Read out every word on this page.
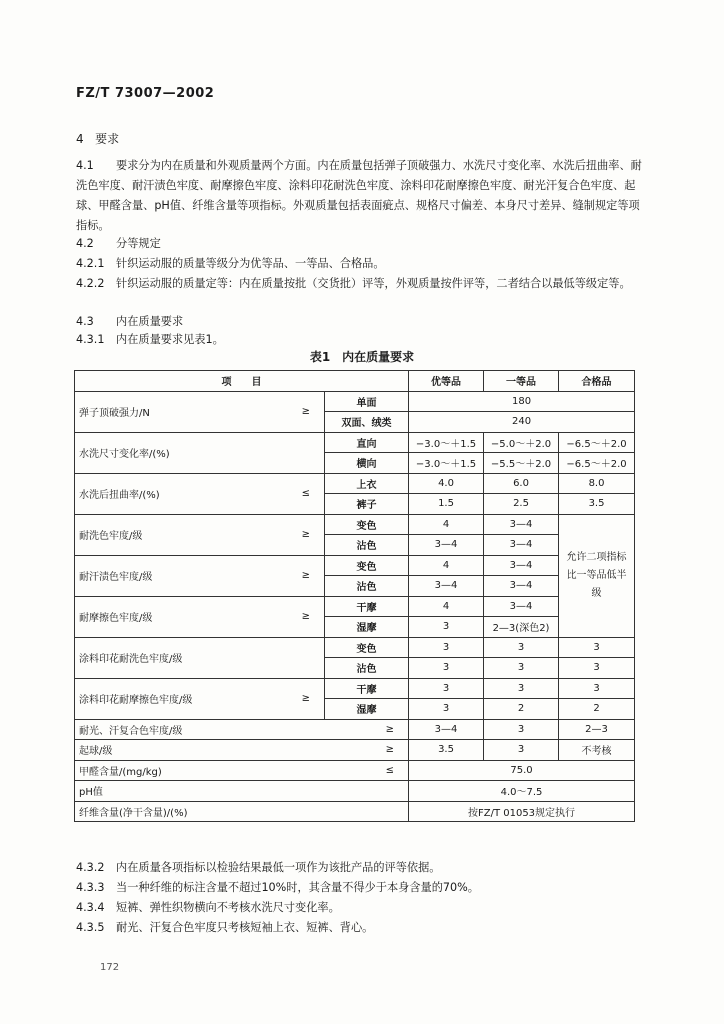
FZ/T 73007—2002
4 要求
4.1 要求分为内在质量和外观质量两个方面。内在质量包括弹子顶破强力、水洗尺寸变化率、水洗后扭曲率、耐洗色牢度、耐汗渍色牢度、耐摩擦色牢度、涂料印花耐洗色牢度、涂料印花耐摩擦色牢度、耐光汗复合色牢度、起球、甲醛含量、pH值、纤维含量等项指标。外观质量包括表面疵点、规格尺寸偏差、本身尺寸差异、缝制规定等项指标。
4.2 分等规定
4.2.1 针织运动服的质量等级分为优等品、一等品、合格品。
4.2.2 针织运动服的质量定等：内在质量按批（交货批）评等，外观质量按件评等，二者结合以最低等级定等。
4.3 内在质量要求
4.3.1 内在质量要求见表1。
表1　内在质量要求
项　　目			优等品	一等品	合格品
弹子顶破强力/N	≥	单面	180		
		双面、绒类	240		
水洗尺寸变化率/(%)		直向	−3.0～＋1.5	−5.0～＋2.0	−6.5～＋2.0
		横向	−3.0～＋1.5	−5.5～＋2.0	−6.5～＋2.0
水洗后扭曲率/(%)	≤	上衣	4.0	6.0	8.0
		裤子	1.5	2.5	3.5
耐洗色牢度/级	≥	变色	4	3—4	允许二项指标比一等品低半级
		沾色	3—4	3—4	
耐汗渍色牢度/级	≥	变色	4	3—4	
		沾色	3—4	3—4	
耐摩擦色牢度/级	≥	干摩	4	3—4	
		湿摩	3	2—3(深色2)	
涂料印花耐洗色牢度/级		变色	3	3	3
		沾色	3	3	3
涂料印花耐摩擦色牢度/级	≥	干摩	3	3	3
		湿摩	3	2	2
耐光、汗复合色牢度/级		≥	3—4	3	2—3
起球/级		≥	3.5	3	不考核
甲醛含量/(mg/kg)		≤	75.0		
pH值			4.0～7.5		
纤维含量(净干含量)/(%)			按FZ/T 01053规定执行		
4.3.2 内在质量各项指标以检验结果最低一项作为该批产品的评等依据。
4.3.3 当一种纤维的标注含量不超过10%时，其含量不得少于本身含量的70%。
4.3.4 短裤、弹性织物横向不考核水洗尺寸变化率。
4.3.5 耐光、汗复合色牢度只考核短袖上衣、短裤、背心。
172
